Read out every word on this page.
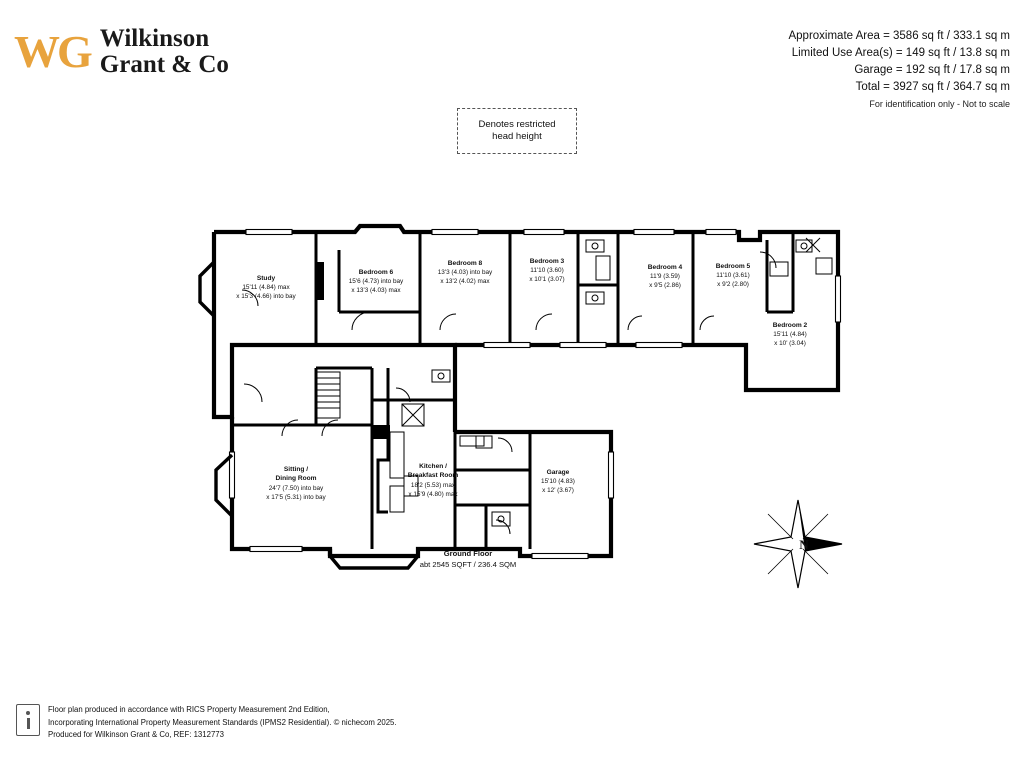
WG Wilkinson
Grant & Co
Approximate Area = 3586 sq ft / 333.1 sq m
Limited Use Area(s) = 149 sq ft / 13.8 sq m
Garage = 192 sq ft / 17.8 sq m
Total = 3927 sq ft / 364.7 sq m
For identification only - Not to scale
Denotes restricted
head height
N
Study
15'11 (4.84) max
x 15'3 (4.66) into bay
Bedroom 6
15'6 (4.73) into bay
x 13'3 (4.03) max
Bedroom 8
13'3 (4.03) into bay
x 13'2 (4.02) max
Bedroom 3
11'10 (3.60)
x 10'1 (3.07)
Bedroom 4
11'9 (3.59)
x 9'5 (2.86)
Bedroom 5
11'10 (3.61)
x 9'2 (2.80)
Bedroom 2
15'11 (4.84)
x 10' (3.04)
Sitting /
Dining Room
24'7 (7.50) into bay
x 17'5 (5.31) into bay
Kitchen /
Breakfast Room
18'2 (5.53) max
x 15'9 (4.80) max
Garage
15'10 (4.83)
x 12' (3.67)
Ground Floor
abt 2545 SQFT / 236.4 SQM
Floor plan produced in accordance with RICS Property Measurement 2nd Edition,
Incorporating International Property Measurement Standards (IPMS2 Residential). © nichecom 2025.
Produced for Wilkinson Grant & Co, REF: 1312773
